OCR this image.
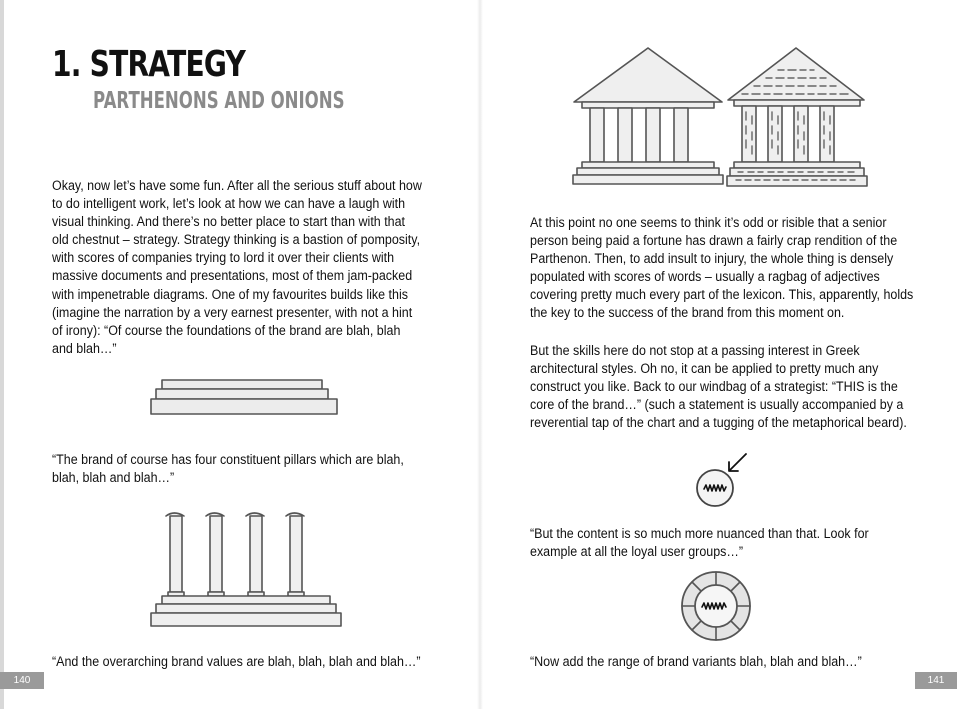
1. STRATEGY
PARTHENONS AND ONIONS

Okay, now let’s have some fun. After all the serious stuff about how
to do intelligent work, let’s look at how we can have a laugh with
visual thinking. And there’s no better place to start than with that
old chestnut – strategy. Strategy thinking is a bastion of pomposity,
with scores of companies trying to lord it over their clients with
massive documents and presentations, most of them jam-packed
with impenetrable diagrams. One of my favourites builds like this
(imagine the narration by a very earnest presenter, with not a hint
of irony): “Of course the foundations of the brand are blah, blah
and blah…”

“The brand of course has four constituent pillars which are blah,
blah, blah and blah…”

“And the overarching brand values are blah, blah, blah and blah…”

140

At this point no one seems to think it’s odd or risible that a senior
person being paid a fortune has drawn a fairly crap rendition of the
Parthenon. Then, to add insult to injury, the whole thing is densely
populated with scores of words – usually a ragbag of adjectives
covering pretty much every part of the lexicon. This, apparently, holds
the key to the success of the brand from this moment on.

But the skills here do not stop at a passing interest in Greek
architectural styles. Oh no, it can be applied to pretty much any
construct you like. Back to our windbag of a strategist: “THIS is the
core of the brand…” (such a statement is usually accompanied by a
reverential tap of the chart and a tugging of the metaphorical beard).

“But the content is so much more nuanced than that. Look for
example at all the loyal user groups…”

“Now add the range of brand variants blah, blah and blah…”

141
